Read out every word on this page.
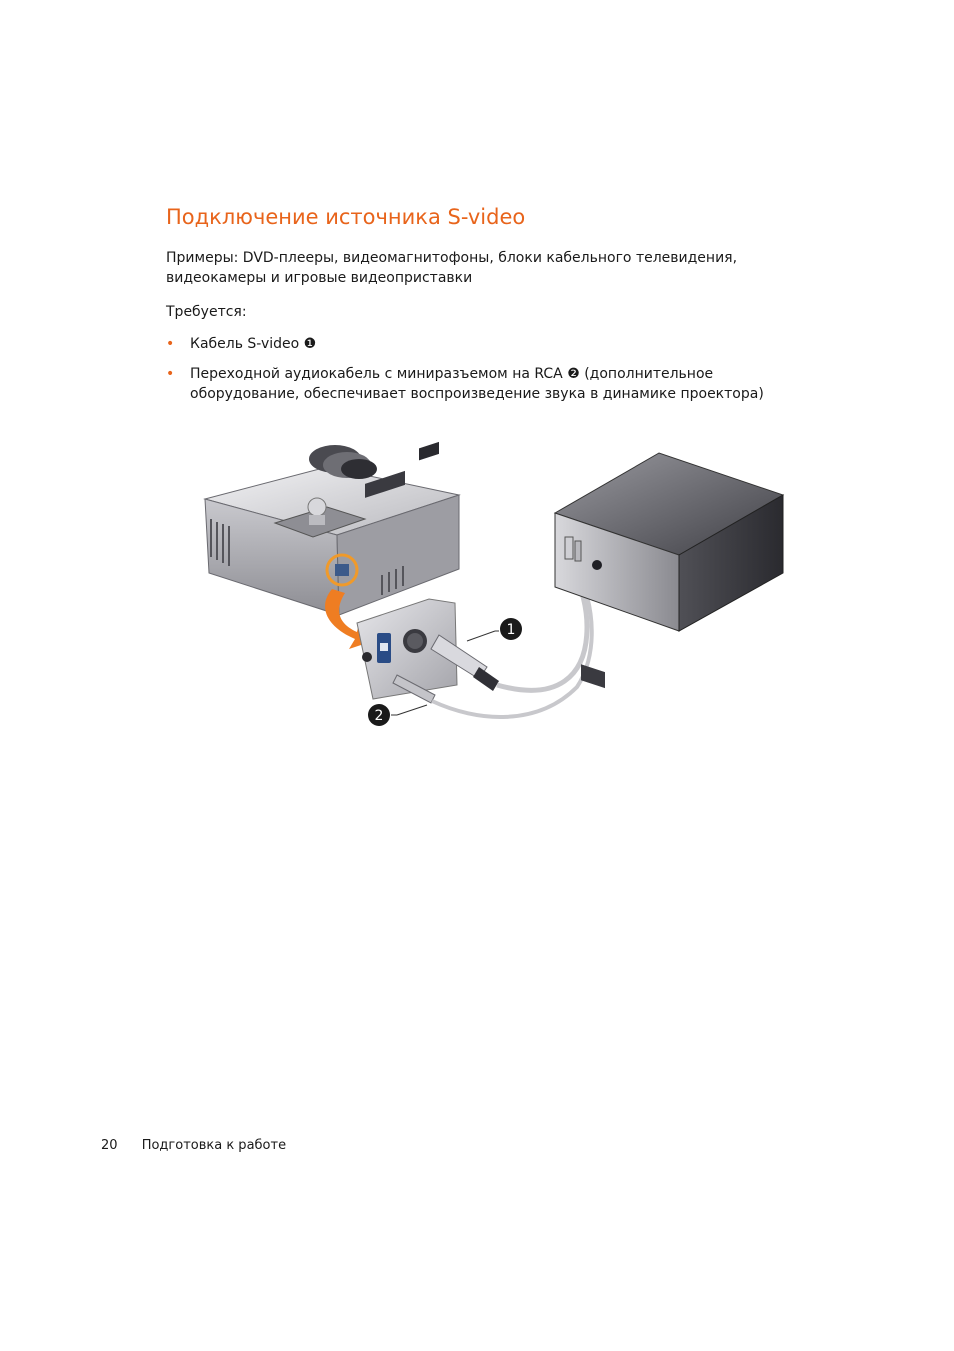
Подключение источника S-video

Примеры: DVD-плееры, видеомагнитофоны, блоки кабельного телевидения, видеокамеры и игровые видеоприставки

Требуется:

• Кабель S-video ❶
• Переходной аудиокабель с миниразъемом на RCA ❷ (дополнительное оборудование, обеспечивает воспроизведение звука в динамике проектора)
1
2
20 Подготовка к работе
